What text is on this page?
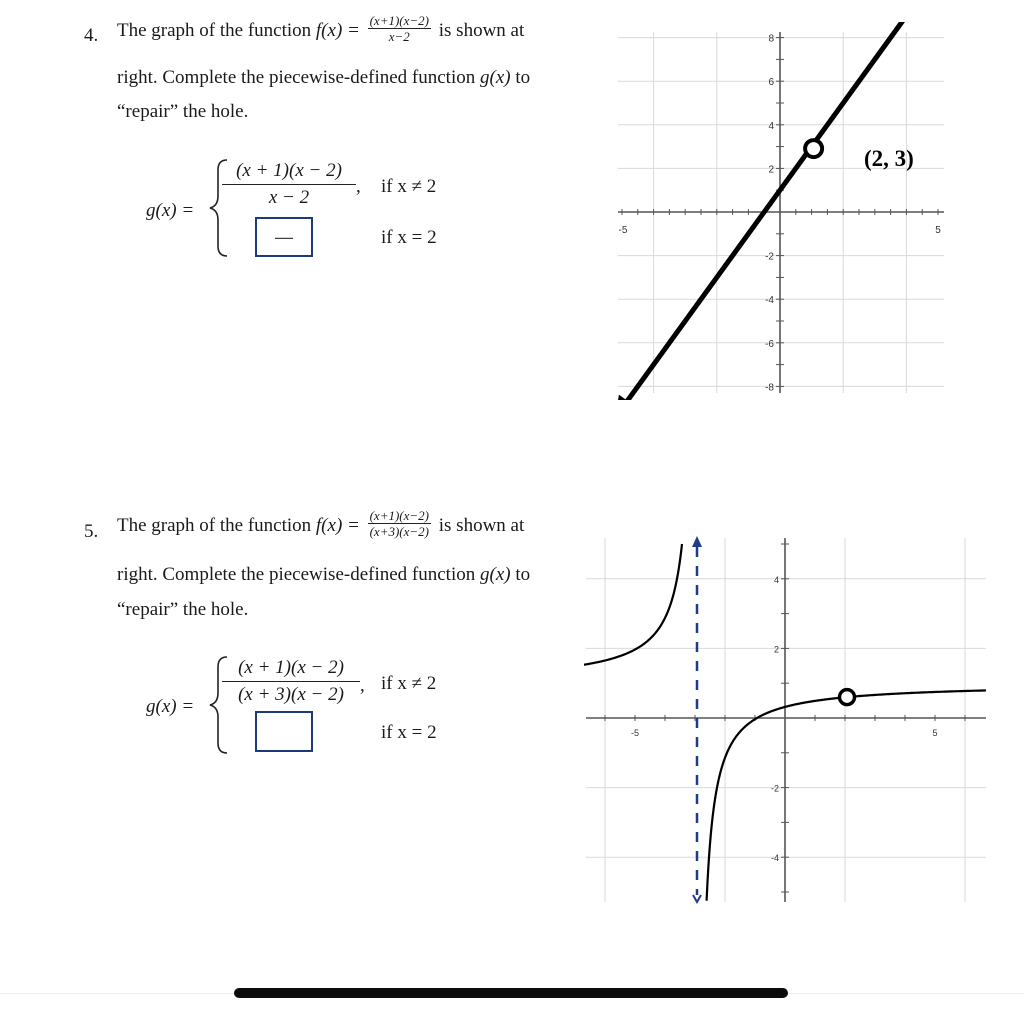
4. The graph of the function $f(x) = \frac{(x+1)(x-2)}{x-2}$ is shown at
right. Complete the piecewise-defined function g(x) to
“repair” the hole.
g(x) =
$\frac{(x + 1)(x - 2)}{x - 2}$ , if x ≠ 2
—	if x = 2
8
6
4
2
-2
-4
-6
-8
-5	5
(2, 3)
5. The graph of the function $f(x) = \frac{(x+1)(x-2)}{(x+3)(x-2)}$ is shown at
right. Complete the piecewise-defined function g(x) to
“repair” the hole.
g(x) =
$\frac{(x + 1)(x - 2)}{(x + 3)(x - 2)}$ , if x ≠ 2
if x = 2
4
2
-2
-4
-5	5
